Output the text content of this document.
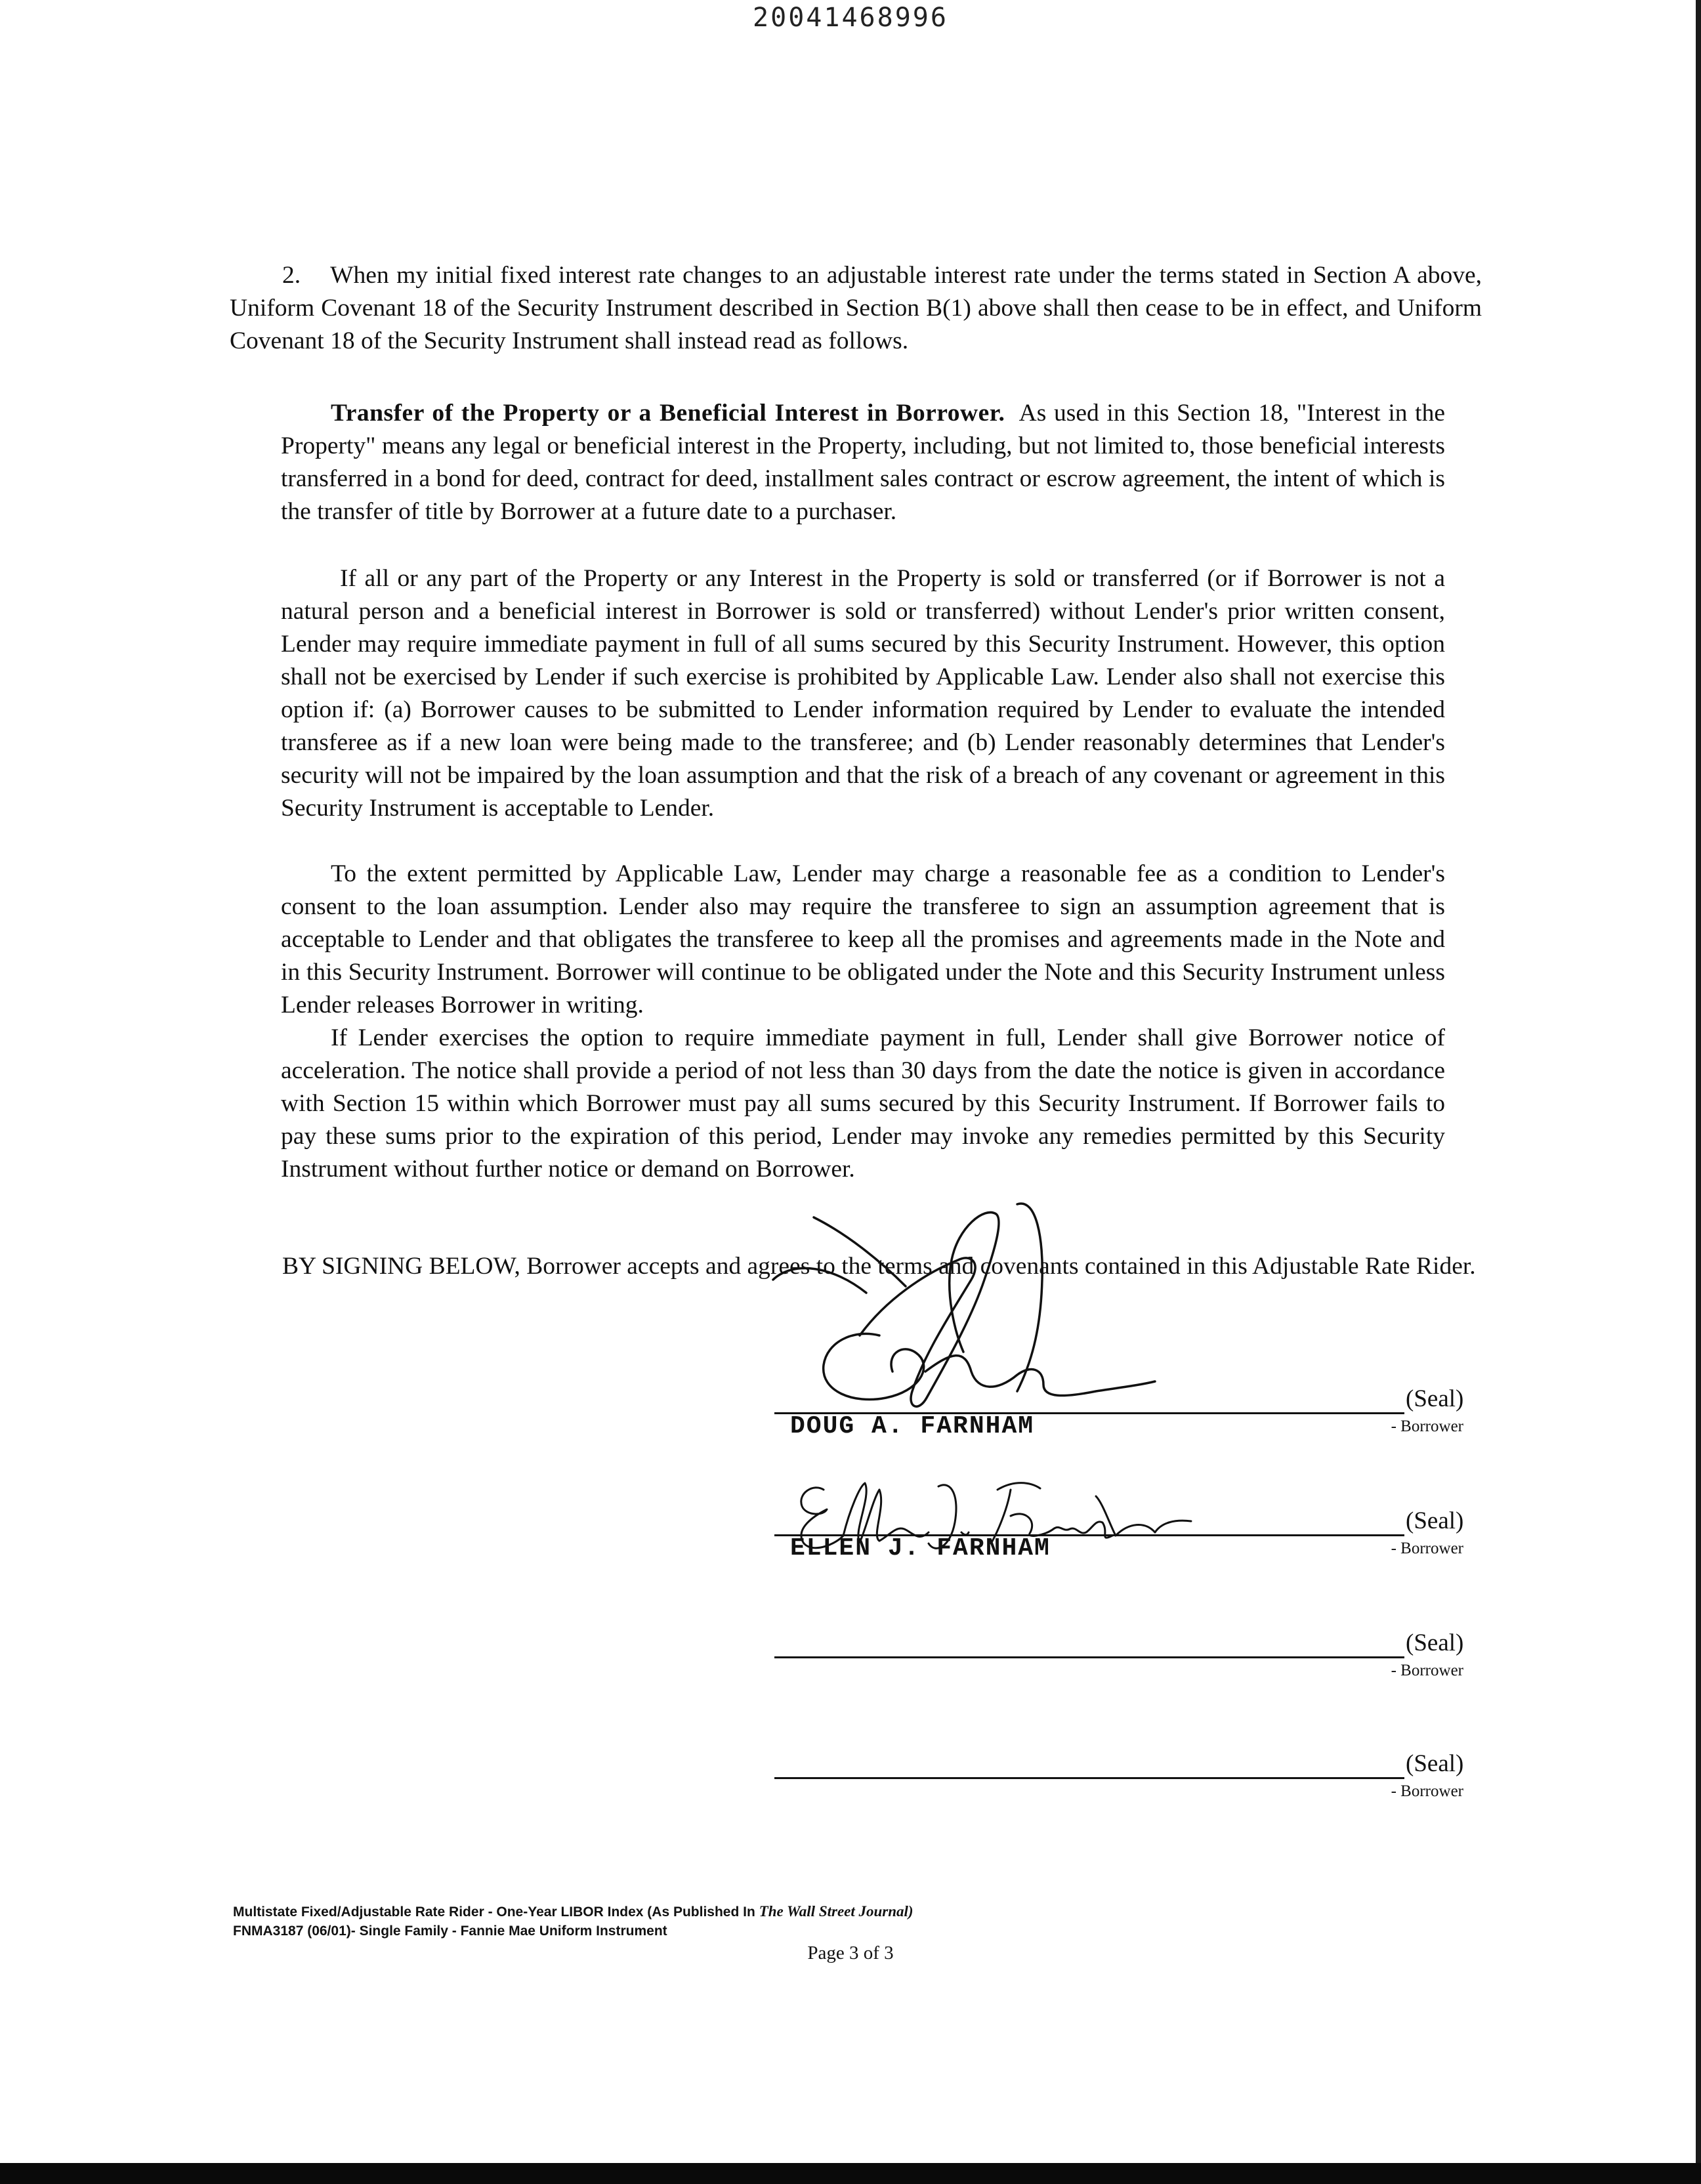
20041468996

2. When my initial fixed interest rate changes to an adjustable interest rate under the terms stated in Section A above, Uniform Covenant 18 of the Security Instrument described in Section B(1) above shall then cease to be in effect, and Uniform Covenant 18 of the Security Instrument shall instead read as follows.

Transfer of the Property or a Beneficial Interest in Borrower. As used in this Section 18, "Interest in the Property" means any legal or beneficial interest in the Property, including, but not limited to, those beneficial interests transferred in a bond for deed, contract for deed, installment sales contract or escrow agreement, the intent of which is the transfer of title by Borrower at a future date to a purchaser.

If all or any part of the Property or any Interest in the Property is sold or transferred (or if Borrower is not a natural person and a beneficial interest in Borrower is sold or transferred) without Lender's prior written consent, Lender may require immediate payment in full of all sums secured by this Security Instrument. However, this option shall not be exercised by Lender if such exercise is prohibited by Applicable Law. Lender also shall not exercise this option if: (a) Borrower causes to be submitted to Lender information required by Lender to evaluate the intended transferee as if a new loan were being made to the transferee; and (b) Lender reasonably determines that Lender's security will not be impaired by the loan assumption and that the risk of a breach of any covenant or agreement in this Security Instrument is acceptable to Lender.

To the extent permitted by Applicable Law, Lender may charge a reasonable fee as a condition to Lender's consent to the loan assumption. Lender also may require the transferee to sign an assumption agreement that is acceptable to Lender and that obligates the transferee to keep all the promises and agreements made in the Note and in this Security Instrument. Borrower will continue to be obligated under the Note and this Security Instrument unless Lender releases Borrower in writing.

If Lender exercises the option to require immediate payment in full, Lender shall give Borrower notice of acceleration. The notice shall provide a period of not less than 30 days from the date the notice is given in accordance with Section 15 within which Borrower must pay all sums secured by this Security Instrument. If Borrower fails to pay these sums prior to the expiration of this period, Lender may invoke any remedies permitted by this Security Instrument without further notice or demand on Borrower.

BY SIGNING BELOW, Borrower accepts and agrees to the terms and covenants contained in this Adjustable Rate Rider.

(Seal)
- Borrower
DOUG A. FARNHAM
(Seal)
- Borrower
ELLEN J. FARNHAM
(Seal)
- Borrower
(Seal)
- Borrower
Multistate Fixed/Adjustable Rate Rider - One-Year LIBOR Index (As Published In The Wall Street Journal)
FNMA3187 (06/01)- Single Family - Fannie Mae Uniform Instrument
Page 3 of 3
